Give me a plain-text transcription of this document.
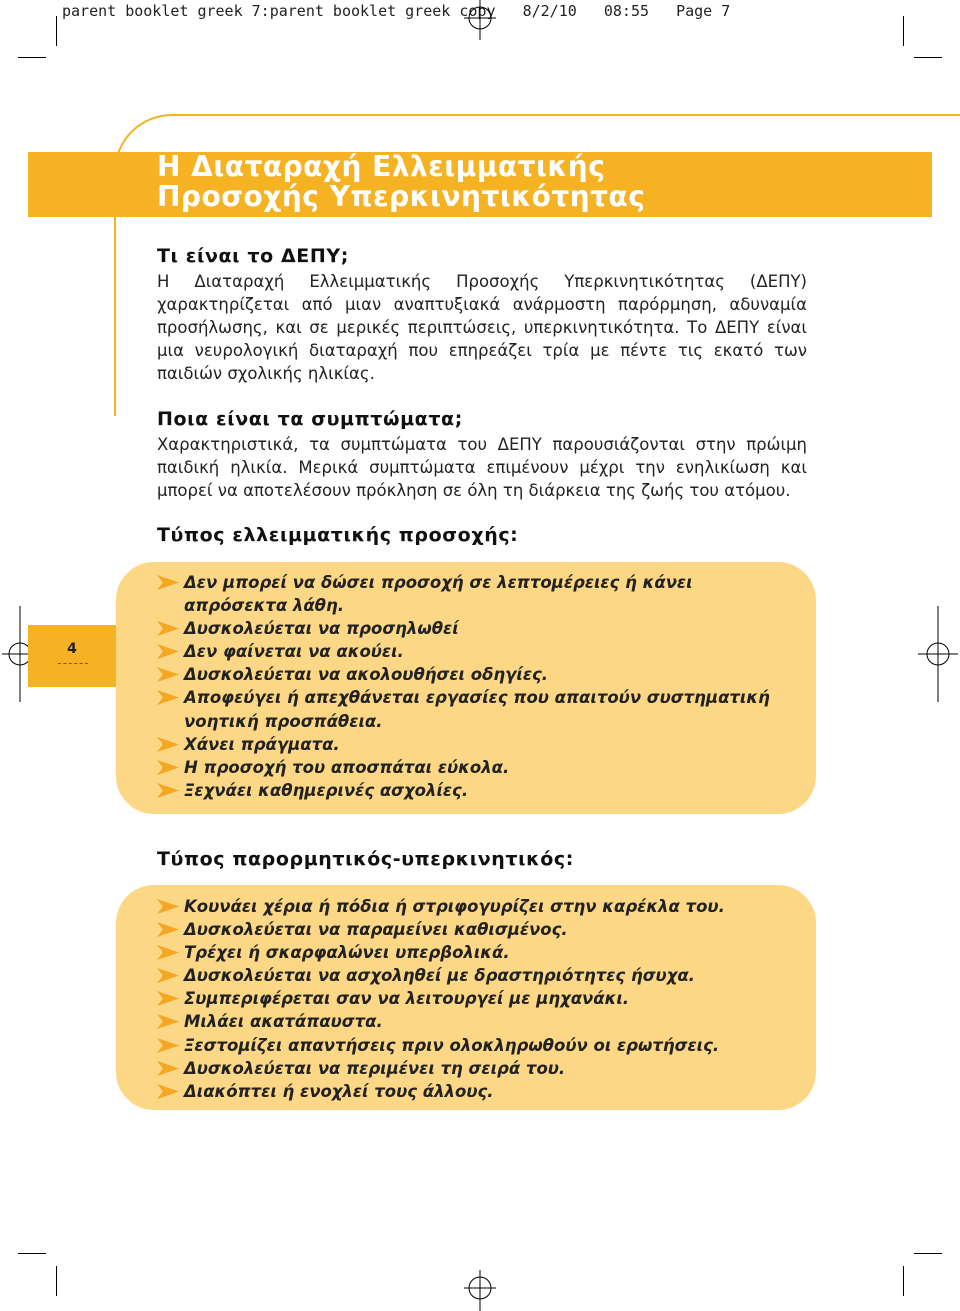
parent booklet greek 7:parent booklet greek copy   8/2/10   08:55   Page 7
Η Διαταραχή Ελλειμματικής
Προσοχής Υπερκινητικότητας
Τι είναι το ΔΕΠΥ;

Η Διαταραχή Ελλειμματικής Προσοχής Υπερκινητικότητας (ΔΕΠΥ) χαρακτηρίζεται από μιαν αναπτυξιακά ανάρμοστη παρόρμηση, αδυναμία προσήλωσης, και σε μερικές περιπτώσεις, υπερκινητικότητα. Το ΔΕΠΥ είναι μια νευρολογική διαταραχή που επηρεάζει τρία με πέντε τις εκατό των παιδιών σχολικής ηλικίας.

Ποια είναι τα συμπτώματα;

Χαρακτηριστικά, τα συμπτώματα του ΔΕΠΥ παρουσιάζονται στην πρώιμη παιδική ηλικία. Μερικά συμπτώματα επιμένουν μέχρι την ενηλικίωση και μπορεί να αποτελέσουν πρόκληση σε όλη τη διάρκεια της ζωής του ατόμου.

4
Τύπος ελλειμματικής προσοχής:
Δεν μπορεί να δώσει προσοχή σε λεπτομέρειες ή κάνει απρόσεκτα λάθη.
Δυσκολεύεται να προσηλωθεί
Δεν φαίνεται να ακούει.
Δυσκολεύεται να ακολουθήσει οδηγίες.
Αποφεύγει ή απεχθάνεται εργασίες που απαιτούν συστηματική νοητική προσπάθεια.
Χάνει πράγματα.
Η προσοχή του αποσπάται εύκολα.
Ξεχνάει καθημερινές ασχολίες.
Τύπος παρορμητικός-υπερκινητικός:
Κουνάει χέρια ή πόδια ή στριφογυρίζει στην καρέκλα του.
Δυσκολεύεται να παραμείνει καθισμένος.
Τρέχει ή σκαρφαλώνει υπερβολικά.
Δυσκολεύεται να ασχοληθεί με δραστηριότητες ήσυχα.
Συμπεριφέρεται σαν να λειτουργεί με μηχανάκι.
Μιλάει ακατάπαυστα.
Ξεστομίζει απαντήσεις πριν ολοκληρωθούν οι ερωτήσεις.
Δυσκολεύεται να περιμένει τη σειρά του.
Διακόπτει ή ενοχλεί τους άλλους.
